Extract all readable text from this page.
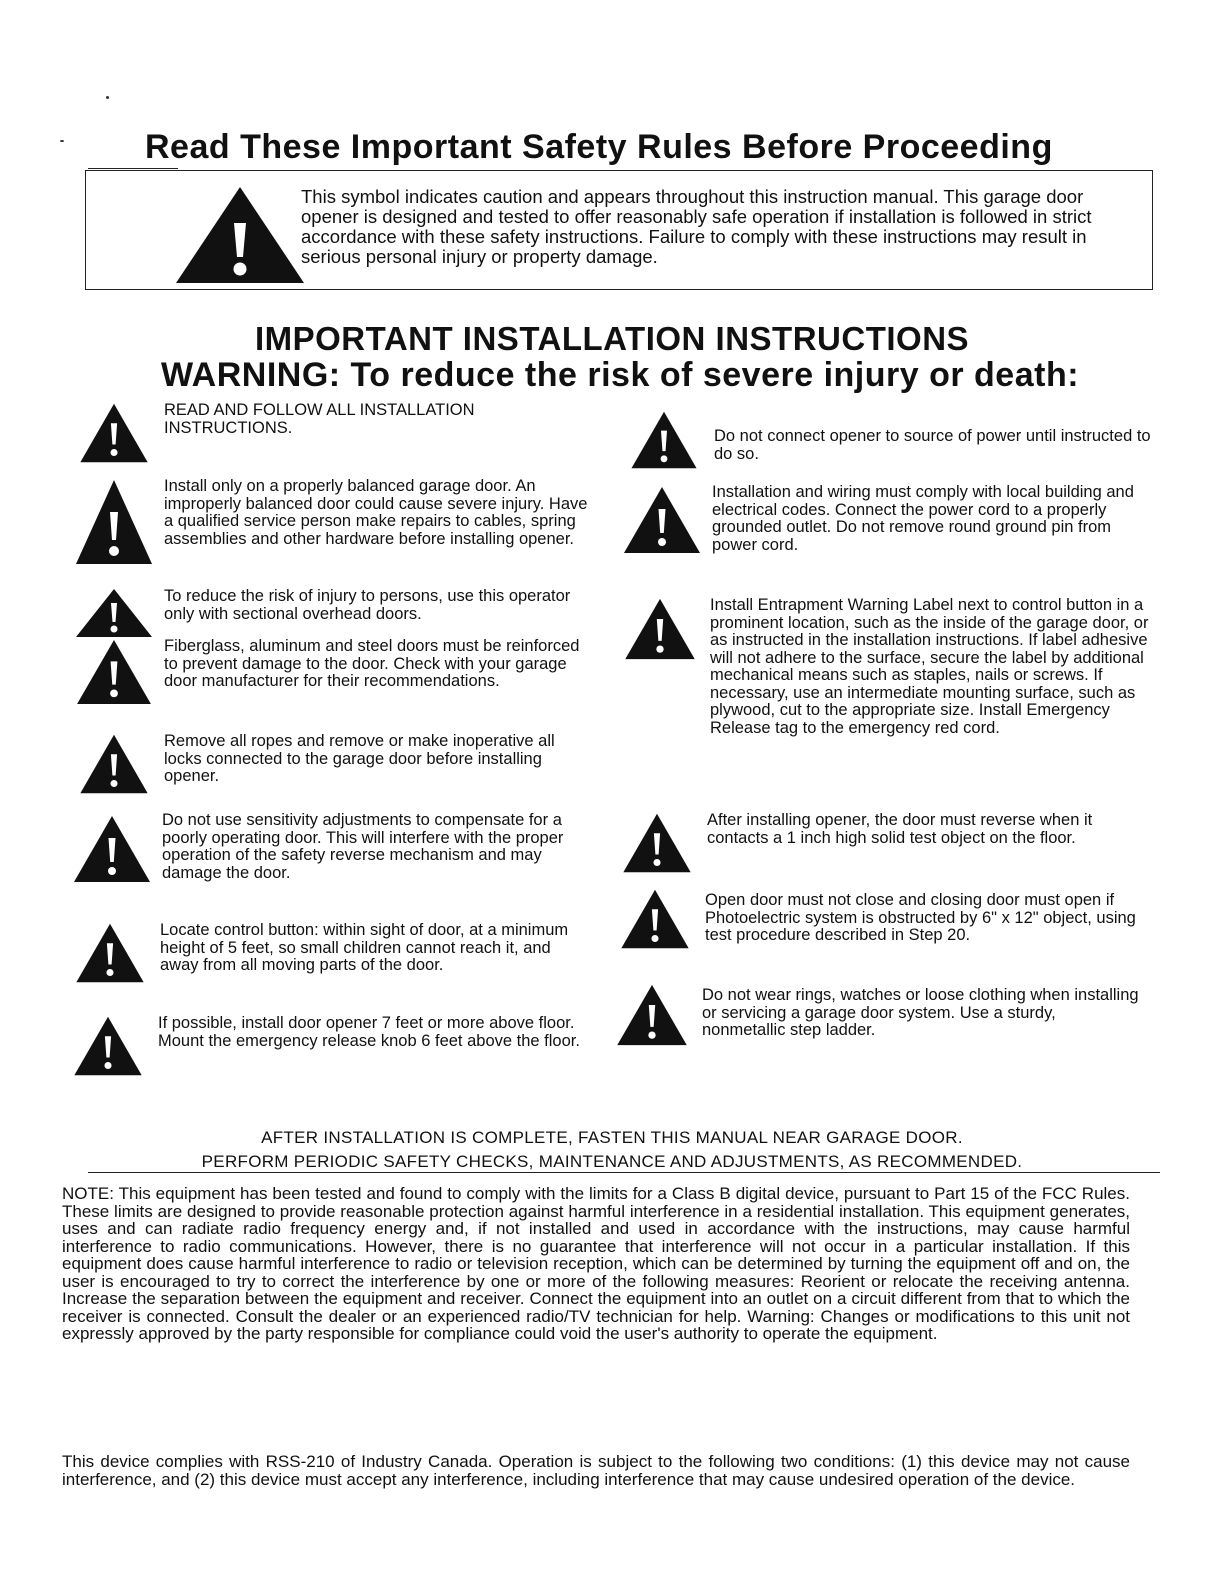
Read These Important Safety Rules Before Proceeding

This symbol indicates caution and appears throughout this instruction manual. This garage door opener is designed and tested to offer reasonably safe operation if installation is followed in strict accordance with these safety instructions. Failure to comply with these instructions may result in serious personal injury or property damage.

IMPORTANT INSTALLATION INSTRUCTIONS
WARNING: To reduce the risk of severe injury or death:

READ AND FOLLOW ALL INSTALLATION INSTRUCTIONS.

Install only on a properly balanced garage door. An improperly balanced door could cause severe injury. Have a qualified service person make repairs to cables, spring assemblies and other hardware before installing opener.

To reduce the risk of injury to persons, use this operator only with sectional overhead doors.

Fiberglass, aluminum and steel doors must be reinforced to prevent damage to the door. Check with your garage door manufacturer for their recommendations.

Remove all ropes and remove or make inoperative all locks connected to the garage door before installing opener.

Do not use sensitivity adjustments to compensate for a poorly operating door. This will interfere with the proper operation of the safety reverse mechanism and may damage the door.

Locate control button: within sight of door, at a minimum height of 5 feet, so small children cannot reach it, and away from all moving parts of the door.

If possible, install door opener 7 feet or more above floor. Mount the emergency release knob 6 feet above the floor.

Do not connect opener to source of power until instructed to do so.

Installation and wiring must comply with local building and electrical codes. Connect the power cord to a properly grounded outlet. Do not remove round ground pin from power cord.

Install Entrapment Warning Label next to control button in a prominent location, such as the inside of the garage door, or as instructed in the installation instructions. If label adhesive will not adhere to the surface, secure the label by additional mechanical means such as staples, nails or screws. If necessary, use an intermediate mounting surface, such as plywood, cut to the appropriate size. Install Emergency Release tag to the emergency red cord.

After installing opener, the door must reverse when it contacts a 1 inch high solid test object on the floor.

Open door must not close and closing door must open if Photoelectric system is obstructed by 6" x 12" object, using test procedure described in Step 20.

Do not wear rings, watches or loose clothing when installing or servicing a garage door system. Use a sturdy, nonmetallic step ladder.

AFTER INSTALLATION IS COMPLETE, FASTEN THIS MANUAL NEAR GARAGE DOOR.

PERFORM PERIODIC SAFETY CHECKS, MAINTENANCE AND ADJUSTMENTS, AS RECOMMENDED.

NOTE: This equipment has been tested and found to comply with the limits for a Class B digital device, pursuant to Part 15 of the FCC Rules. These limits are designed to provide reasonable protection against harmful interference in a residential installation. This equipment generates, uses and can radiate radio frequency energy and, if not installed and used in accordance with the instructions, may cause harmful interference to radio communications. However, there is no guarantee that interference will not occur in a particular installation. If this equipment does cause harmful interference to radio or television reception, which can be determined by turning the equipment off and on, the user is encouraged to try to correct the interference by one or more of the following measures: Reorient or relocate the receiving antenna. Increase the separation between the equipment and receiver. Connect the equipment into an outlet on a circuit different from that to which the receiver is connected. Consult the dealer or an experienced radio/TV technician for help. Warning: Changes or modifications to this unit not expressly approved by the party responsible for compliance could void the user's authority to operate the equipment.

This device complies with RSS-210 of Industry Canada. Operation is subject to the following two conditions: (1) this device may not cause interference, and (2) this device must accept any interference, including interference that may cause undesired operation of the device.
